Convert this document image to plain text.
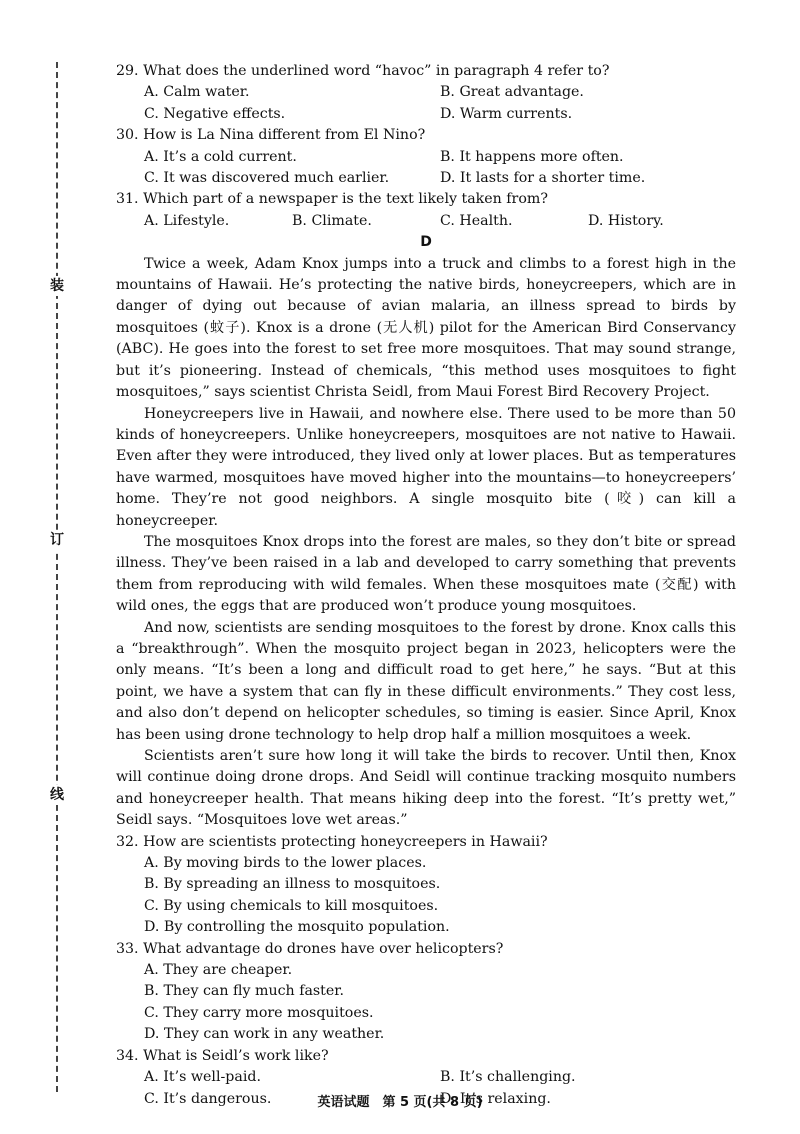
装
订
线

29. What does the underlined word “havoc” in paragraph 4 refer to?

A. Calm water.	B. Great advantage.
C. Negative effects.	D. Warm currents.

30. How is La Nina different from El Nino?

A. It’s a cold current.	B. It happens more often.
C. It was discovered much earlier.	D. It lasts for a shorter time.

31. Which part of a newspaper is the text likely taken from?

A. Lifestyle.	B. Climate.	C. Health.	D. History.

D

Twice a week, Adam Knox jumps into a truck and climbs to a forest high in the mountains of Hawaii. He’s protecting the native birds, honeycreepers, which are in danger of dying out because of avian malaria, an illness spread to birds by mosquitoes (蚊子). Knox is a drone (无人机) pilot for the American Bird Conservancy (ABC). He goes into the forest to set free more mosquitoes. That may sound strange, but it’s pioneering. Instead of chemicals, “this method uses mosquitoes to fight mosquitoes,” says scientist Christa Seidl, from Maui Forest Bird Recovery Project.

Honeycreepers live in Hawaii, and nowhere else. There used to be more than 50 kinds of honeycreepers. Unlike honeycreepers, mosquitoes are not native to Hawaii. Even after they were introduced, they lived only at lower places. But as temperatures have warmed, mosquitoes have moved higher into the mountains—to honeycreepers’ home. They’re not good neighbors. A single mosquito bite (咬) can kill a honeycreeper.

The mosquitoes Knox drops into the forest are males, so they don’t bite or spread illness. They’ve been raised in a lab and developed to carry something that prevents them from reproducing with wild females. When these mosquitoes mate (交配) with wild ones, the eggs that are produced won’t produce young mosquitoes.

And now, scientists are sending mosquitoes to the forest by drone. Knox calls this a “breakthrough”. When the mosquito project began in 2023, helicopters were the only means. “It’s been a long and difficult road to get here,” he says. “But at this point, we have a system that can fly in these difficult environments.” They cost less, and also don’t depend on helicopter schedules, so timing is easier. Since April, Knox has been using drone technology to help drop half a million mosquitoes a week.

Scientists aren’t sure how long it will take the birds to recover. Until then, Knox will continue doing drone drops. And Seidl will continue tracking mosquito numbers and honeycreeper health. That means hiking deep into the forest. “It’s pretty wet,” Seidl says. “Mosquitoes love wet areas.”

32. How are scientists protecting honeycreepers in Hawaii?

A. By moving birds to the lower places.

B. By spreading an illness to mosquitoes.

C. By using chemicals to kill mosquitoes.

D. By controlling the mosquito population.

33. What advantage do drones have over helicopters?

A. They are cheaper.

B. They can fly much faster.

C. They carry more mosquitoes.

D. They can work in any weather.

34. What is Seidl’s work like?

A. It’s well-paid.	B. It’s challenging.
C. It’s dangerous.	D. It’s relaxing.
英语试题　第 5 页(共 8 页)
